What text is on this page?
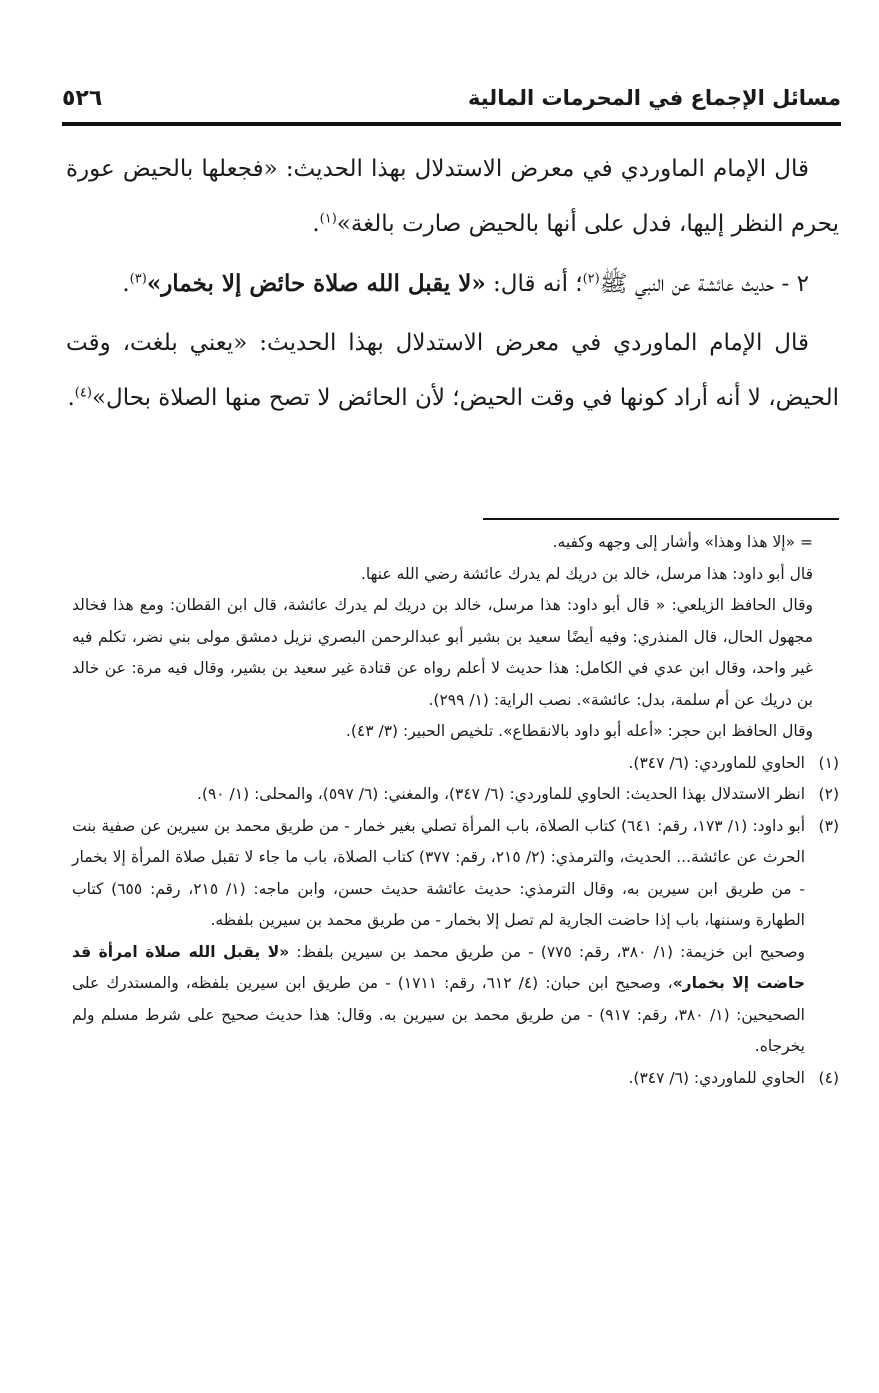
مسائل الإجماع في المحرمات المالية
٥٢٦

قال الإمام الماوردي في معرض الاستدلال بهذا الحديث: «فجعلها بالحيض عورة يحرم النظر إليها، فدل على أنها بالحيض صارت بالغة»$^{(١)}$.

٢ - حديث عائشة عن النبي ﷺ$^{(٢)}$؛ أنه قال: «لا يقبل الله صلاة حائض إلا بخمار»$^{(٣)}$.

قال الإمام الماوردي في معرض الاستدلال بهذا الحديث: «يعني بلغت، وقت الحيض، لا أنه أراد كونها في وقت الحيض؛ لأن الحائض لا تصح منها الصلاة بحال»$^{(٤)}$.

= «إلا هذا وهذا» وأشار إلى وجهه وكفيه.

قال أبو داود: هذا مرسل، خالد بن دريك لم يدرك عائشة رضي الله عنها.

وقال الحافظ الزيلعي: « قال أبو داود: هذا مرسل، خالد بن دريك لم يدرك عائشة، قال ابن القطان: ومع هذا فخالد مجهول الحال، قال المنذري: وفيه أيضًا سعيد بن بشير أبو عبدالرحمن البصري نزيل دمشق مولى بني نضر، تكلم فيه غير واحد، وقال ابن عدي في الكامل: هذا حديث لا أعلم رواه عن قتادة غير سعيد بن بشير، وقال فيه مرة: عن خالد بن دريك عن أم سلمة، بدل: عائشة». نصب الراية: (١/ ٢٩٩).

وقال الحافظ ابن حجر: «أعله أبو داود بالانقطاع». تلخيص الحبير: (٣/ ٤٣).

(١)
الحاوي للماوردي: (٦/ ٣٤٧).
(٢)
انظر الاستدلال بهذا الحديث: الحاوي للماوردي: (٦/ ٣٤٧)، والمغني: (٦/ ٥٩٧)، والمحلى: (١/ ٩٠).
(٣)
أبو داود: (١/ ١٧٣، رقم: ٦٤١) كتاب الصلاة، باب المرأة تصلي بغير خمار - من طريق محمد بن سيرين عن صفية بنت الحرث عن عائشة... الحديث، والترمذي: (٢/ ٢١٥، رقم: ٣٧٧) كتاب الصلاة، باب ما جاء لا تقبل صلاة المرأة إلا بخمار - من طريق ابن سيرين به، وقال الترمذي: حديث عائشة حديث حسن، وابن ماجه: (١/ ٢١٥، رقم: ٦٥٥) كتاب الطهارة وسننها، باب إذا حاضت الجارية لم تصل إلا بخمار - من طريق محمد بن سيرين بلفظه.
وصحيح ابن خزيمة: (١/ ٣٨٠، رقم: ٧٧٥) - من طريق محمد بن سيرين بلفظ: «لا يقبل الله صلاة امرأة قد حاضت إلا بخمار»، وصحيح ابن حبان: (٤/ ٦١٢، رقم: ١٧١١) - من طريق ابن سيرين بلفظه، والمستدرك على الصحيحين: (١/ ٣٨٠، رقم: ٩١٧) - من طريق محمد بن سيرين به. وقال: هذا حديث صحيح على شرط مسلم ولم يخرجاه.
(٤)
الحاوي للماوردي: (٦/ ٣٤٧).
